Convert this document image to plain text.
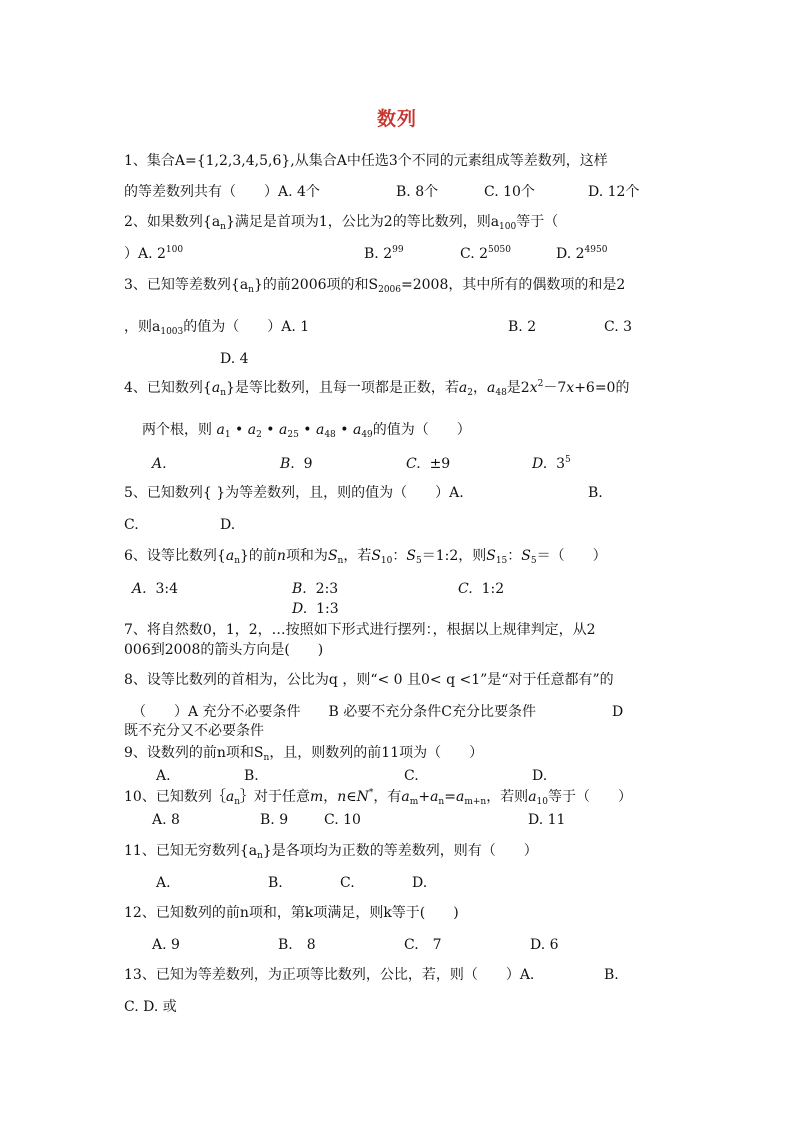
数列
1、集合A={1,2,3,4,5,6},从集合A中任选3个不同的元素组成等差数列，这样
的等差数列共有（　　）A. 4个	B. 8个	C. 10个	D. 12个
2、如果数列$\{a_n\}$满足是首项为1，公比为2的等比数列，则$a_{100}$等于（
）A. $2^{100}$	B. $2^{99}$	C. $2^{5050}$	D. $2^{4950}$
3、已知等差数列$\{a_n\}$的前2006项的和$S_{2006}=2008$，其中所有的偶数项的和是2
，则$a_{1003}$的值为（　　）A. 1	B. 2	C. 3
D. 4
4、已知数列$\{a_n\}$是等比数列，且每一项都是正数，若$a_2$，$a_{48}$是$2x^2-7x+6=0$的
两个根，则 $a_1$ • $a_2$ • $a_{25}$ • $a_{48}$ • $a_{49}$的值为（　　）
A.	B. 9	C. ±9	D. $3^5$
5、已知数列{ }为等差数列，且，则的值为（　　）A.	B.
C.	D.
6、设等比数列$\{a_n\}$的前n项和为$S_n$，若$S_{10}$：$S_5=1:2$，则$S_{15}$：$S_5=$（　　）
A. 3:4	B. 2:3	C. 1:2
D. 1:3
7、将自然数0，1，2，…按照如下形式进行摆列：，根据以上规律判定，从2
006到2008的箭头方向是(　　)
8、设等比数列的首相为，公比为q ，则“< 0 且0< q <1”是“对于任意都有”的
（　　）A 充分不必要条件　　B 必要不充分条件C充分比要条件	D
既不充分又不必要条件
9、设数列的前n项和$S_n$，且，则数列的前11项为（　　）
A.	B.	C.	D.
10、已知数列$\{a_n\}$对于任意m，n∈N*，有$a_m+a_n=a_{m+n}$，若则$a_{10}$等于（　　）
A. 8	B. 9	C. 10	D. 11
11、已知无穷数列$\{a_n\}$是各项均为正数的等差数列，则有（　　）
A.	B.	C.	D.
12、已知数列的前n项和，第k项满足，则k等于(　　)
A. 9	B.　8	C.　7	D. 6
13、已知为等差数列，为正项等比数列，公比，若，则（　　）A.	B.
C. D. 或
